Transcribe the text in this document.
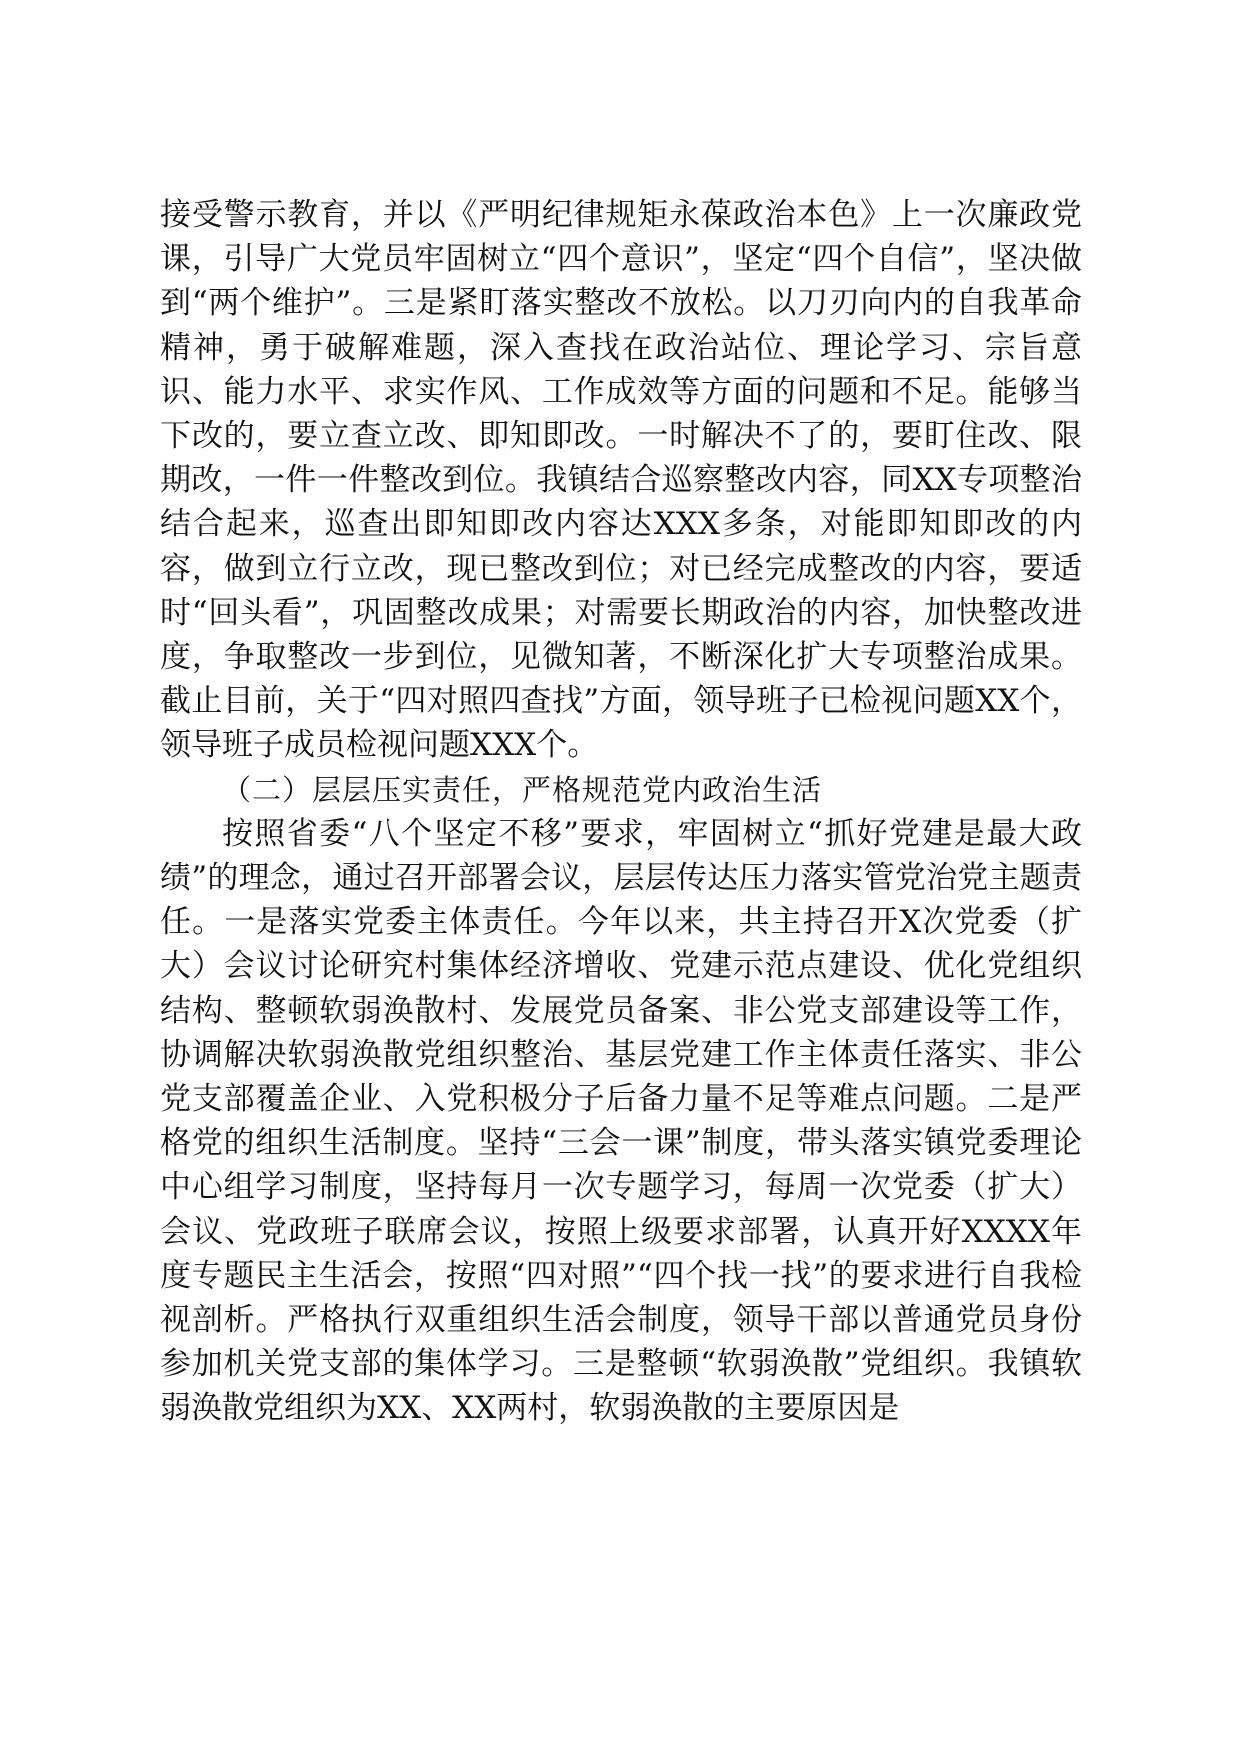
接受警示教育，并以《严明纪律规矩永葆政治本色》上一次廉政党课，引导广大党员牢固树立“四个意识”，坚定“四个自信”，坚决做到“两个维护”。三是紧盯落实整改不放松。以刀刃向内的自我革命精神，勇于破解难题，深入查找在政治站位、理论学习、宗旨意识、能力水平、求实作风、工作成效等方面的问题和不足。能够当下改的，要立查立改、即知即改。一时解决不了的，要盯住改、限期改，一件一件整改到位。我镇结合巡察整改内容，同XX专项整治结合起来，巡查出即知即改内容达XXX多条，对能即知即改的内容，做到立行立改，现已整改到位；对已经完成整改的内容，要适时“回头看”，巩固整改成果；对需要长期政治的内容，加快整改进度，争取整改一步到位，见微知著，不断深化扩大专项整治成果。截止目前，关于“四对照四查找”方面，领导班子已检视问题XX个，领导班子成员检视问题XXX个。

（二）层层压实责任，严格规范党内政治生活

按照省委“八个坚定不移”要求，牢固树立“抓好党建是最大政绩”的理念，通过召开部署会议，层层传达压力落实管党治党主题责任。一是落实党委主体责任。今年以来，共主持召开X次党委（扩大）会议讨论研究村集体经济增收、党建示范点建设、优化党组织结构、整顿软弱涣散村、发展党员备案、非公党支部建设等工作，协调解决软弱涣散党组织整治、基层党建工作主体责任落实、非公党支部覆盖企业、入党积极分子后备力量不足等难点问题。二是严格党的组织生活制度。坚持“三会一课”制度，带头落实镇党委理论中心组学习制度，坚持每月一次专题学习，每周一次党委（扩大）会议、党政班子联席会议，按照上级要求部署，认真开好XXXX年度专题民主生活会，按照“四对照”“四个找一找”的要求进行自我检视剖析。严格执行双重组织生活会制度，领导干部以普通党员身份参加机关党支部的集体学习。三是整顿“软弱涣散”党组织。我镇软弱涣散党组织为XX、XX两村，软弱涣散的主要原因是
